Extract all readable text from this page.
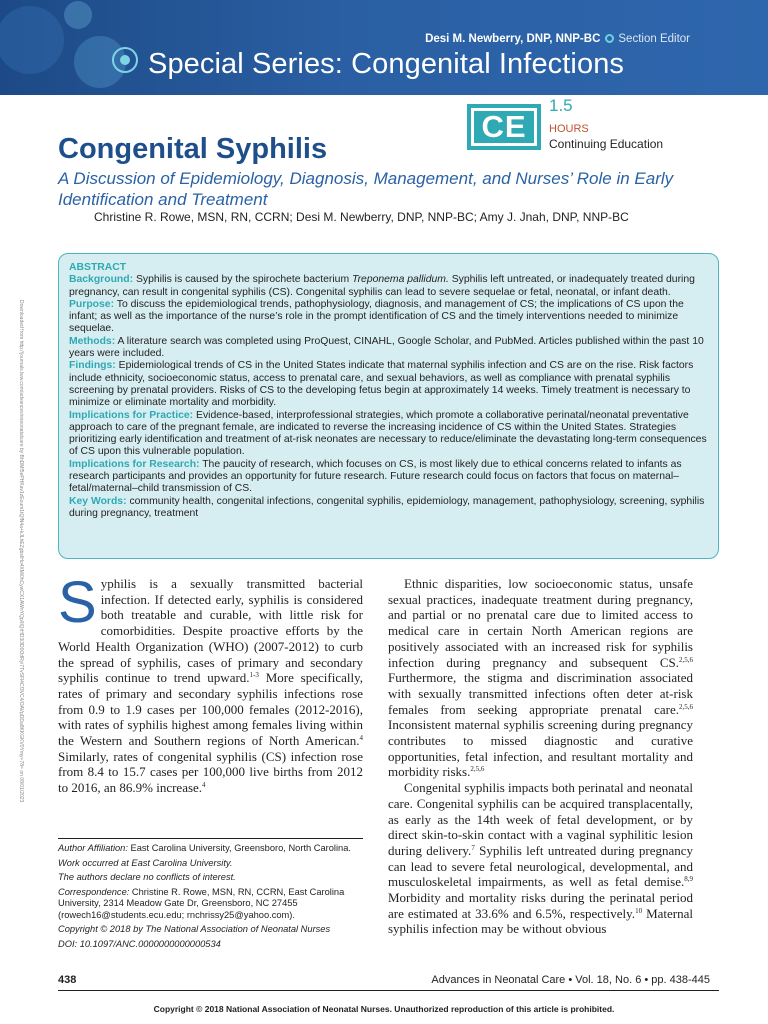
Desi M. Newberry, DNP, NNP-BC Section Editor
Special Series: Congenital Infections
CE
1.5
HOURS
Continuing Education
Congenital Syphilis
A Discussion of Epidemiology, Diagnosis, Management, and Nurses’ Role in Early Identification and Treatment
Christine R. Rowe, MSN, RN, CCRN; Desi M. Newberry, DNP, NNP-BC; Amy J. Jnah, DNP, NNP-BC
Downloaded from http://journals.lww.com/advancesinneonatalcare by BhDMf5ePHKav1zEoum1tQfN4a+kJLhEZgbsIHo4XMi0hCywCX1AWnYQp/IlQrHD3i3D0OdRyi7TvSFl4Cf3VC4/OAVpDDa8KKGKV0Ymy+78= on 08/01/2023

ABSTRACT

Background: Syphilis is caused by the spirochete bacterium Treponema pallidum. Syphilis left untreated, or inadequately treated during pregnancy, can result in congenital syphilis (CS). Congenital syphilis can lead to severe sequelae or fetal, neonatal, or infant death.

Purpose: To discuss the epidemiological trends, pathophysiology, diagnosis, and management of CS; the implications of CS upon the infant; as well as the importance of the nurse’s role in the prompt identification of CS and the timely interventions needed to minimize sequelae.

Methods: A literature search was completed using ProQuest, CINAHL, Google Scholar, and PubMed. Articles published within the past 10 years were included.

Findings: Epidemiological trends of CS in the United States indicate that maternal syphilis infection and CS are on the rise. Risk factors include ethnicity, socioeconomic status, access to prenatal care, and sexual behaviors, as well as compliance with prenatal syphilis screening by prenatal providers. Risks of CS to the developing fetus begin at approximately 14 weeks. Timely treatment is necessary to minimize or eliminate mortality and morbidity.

Implications for Practice: Evidence-based, interprofessional strategies, which promote a collaborative perinatal/neonatal preventative approach to care of the pregnant female, are indicated to reverse the increasing incidence of CS within the United States. Strategies prioritizing early identification and treatment of at-risk neonates are necessary to reduce/eliminate the devastating long-term consequences of CS upon this vulnerable population.

Implications for Research: The paucity of research, which focuses on CS, is most likely due to ethical concerns related to infants as research participants and provides an opportunity for future research. Future research could focus on factors that focus on maternal–fetal/maternal–child transmission of CS.

Key Words: community health, congenital infections, congenital syphilis, epidemiology, management, pathophysiology, screening, syphilis during pregnancy, treatment

Syphilis is a sexually transmitted bacterial infection. If detected early, syphilis is considered both treatable and curable, with little risk for comorbidities. Despite proactive efforts by the World Health Organization (WHO) (2007-2012) to curb the spread of syphilis, cases of primary and secondary syphilis continue to trend upward.$^{1-3}$ More specifically, rates of primary and secondary syphilis infections rose from 0.9 to 1.9 cases per 100,000 females (2012-2016), with rates of syphilis highest among females living within the Western and Southern regions of North American.$^4$ Similarly, rates of congenital syphilis (CS) infection rose from 8.4 to 15.7 cases per 100,000 live births from 2012 to 2016, an 86.9% increase.$^4$

Ethnic disparities, low socioeconomic status, unsafe sexual practices, inadequate treatment during pregnancy, and partial or no prenatal care due to limited access to medical care in certain North American regions are positively associated with an increased risk for syphilis infection during pregnancy and subsequent CS.$^{2,5,6}$ Furthermore, the stigma and discrimination associated with sexually transmitted infections often deter at-risk females from seeking appropriate prenatal care.$^{2,5,6}$ Inconsistent maternal syphilis screening during pregnancy contributes to missed diagnostic and curative opportunities, fetal infection, and resultant mortality and morbidity risks.$^{2,5,6}$

Congenital syphilis impacts both perinatal and neonatal care. Congenital syphilis can be acquired transplacentally, as early as the 14th week of fetal development, or by direct skin-to-skin contact with a vaginal syphilitic lesion during delivery.$^7$ Syphilis left untreated during pregnancy can lead to severe fetal neurological, developmental, and musculoskeletal impairments, as well as fetal demise.$^{8,9}$ Morbidity and mortality risks during the perinatal period are estimated at 33.6% and 6.5%, respectively.$^{10}$ Maternal syphilis infection may be without obvious

Author Affiliation: East Carolina University, Greensboro, North Carolina.

Work occurred at East Carolina University.

The authors declare no conflicts of interest.

Correspondence: Christine R. Rowe, MSN, RN, CCRN, East Carolina University, 2314 Meadow Gate Dr, Greensboro, NC 27455 (rowech16@students.ecu.edu; rnchrissy25@yahoo.com).

Copyright © 2018 by The National Association of Neonatal Nurses

DOI: 10.1097/ANC.0000000000000534

438	Advances in Neonatal Care • Vol. 18, No. 6 • pp. 438-445
Copyright © 2018 National Association of Neonatal Nurses. Unauthorized reproduction of this article is prohibited.
